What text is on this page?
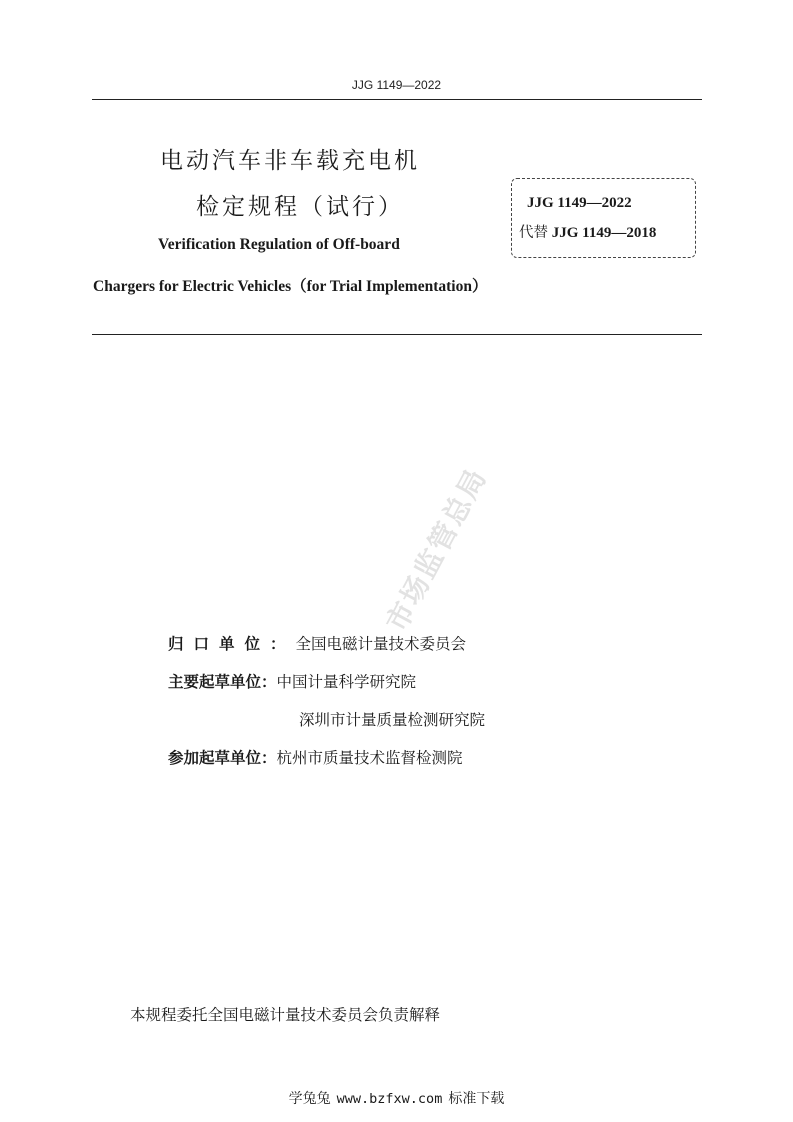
JJG 1149—2022
电动汽车非车载充电机
检定规程（试行）	JJG 1149—2022
代替 JJG 1149—2018
Verification Regulation of Off-board
Chargers for Electric Vehicles（for Trial Implementation）
市场监管总局
归口单位：全国电磁计量技术委员会
主要起草单位：中国计量科学研究院
深圳市计量质量检测研究院
参加起草单位：杭州市质量技术监督检测院
本规程委托全国电磁计量技术委员会负责解释
学兔兔 www.bzfxw.com 标准下载
